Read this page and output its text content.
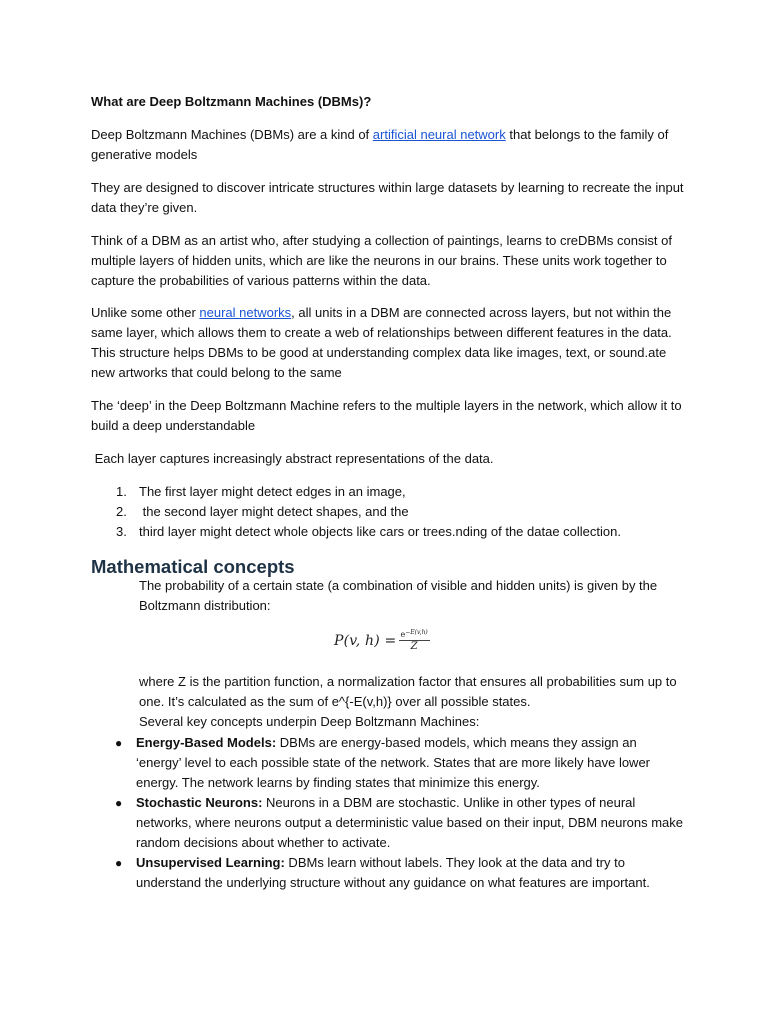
What are Deep Boltzmann Machines (DBMs)?

Deep Boltzmann Machines (DBMs) are a kind of artificial neural network that belongs to the family of generative models

They are designed to discover intricate structures within large datasets by learning to recreate the input data they’re given.

Think of a DBM as an artist who, after studying a collection of paintings, learns to creDBMs consist of multiple layers of hidden units, which are like the neurons in our brains. These units work together to capture the probabilities of various patterns within the data.

Unlike some other neural networks, all units in a DBM are connected across layers, but not within the same layer, which allows them to create a web of relationships between different features in the data. This structure helps DBMs to be good at understanding complex data like images, text, or sound.ate new artworks that could belong to the same

The ‘deep’ in the Deep Boltzmann Machine refers to the multiple layers in the network, which allow it to build a deep understandable

Each layer captures increasingly abstract representations of the data.

1. The first layer might detect edges in an image,
2. the second layer might detect shapes, and the
3. third layer might detect whole objects like cars or trees.nding of the datae collection.
Mathematical concepts

The probability of a certain state (a combination of visible and hidden units) is given by the Boltzmann distribution:

P(v, $h) = \frac{e^{-E(v,h)}}{Z}$

where Z is the partition function, a normalization factor that ensures all probabilities sum up to one. It’s calculated as the sum of e^{-E(v,h)} over all possible states.

Several key concepts underpin Deep Boltzmann Machines:

● Energy-Based Models: DBMs are energy-based models, which means they assign an ‘energy’ level to each possible state of the network. States that are more likely have lower energy. The network learns by finding states that minimize this energy.
● Stochastic Neurons: Neurons in a DBM are stochastic. Unlike in other types of neural networks, where neurons output a deterministic value based on their input, DBM neurons make random decisions about whether to activate.
● Unsupervised Learning: DBMs learn without labels. They look at the data and try to understand the underlying structure without any guidance on what features are important.
